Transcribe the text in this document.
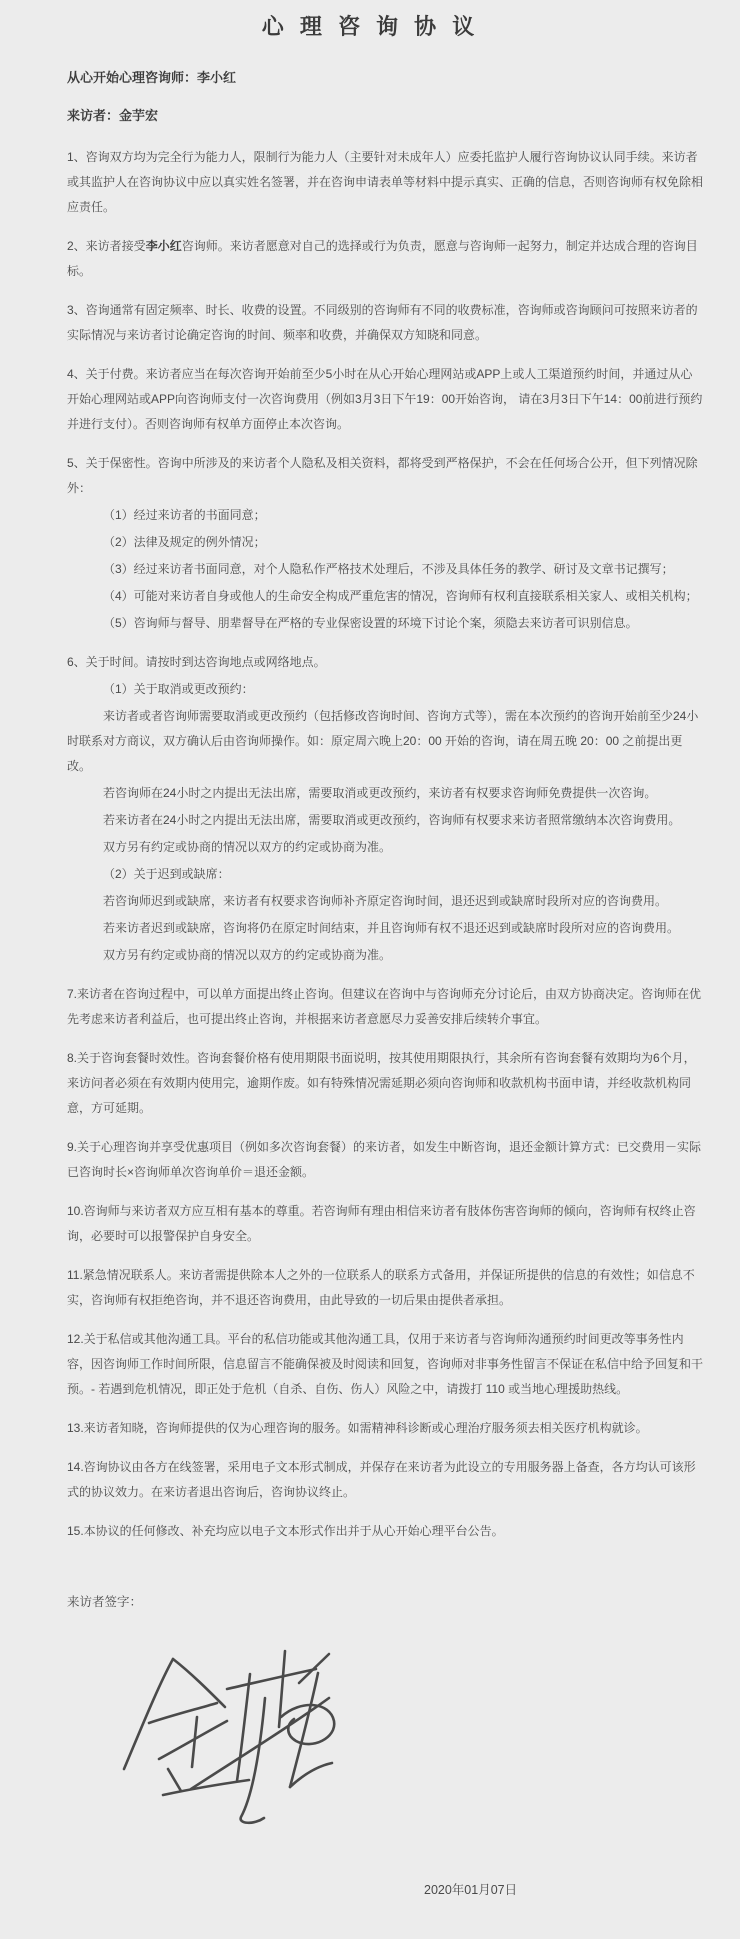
心 理 咨 询 协 议

从心开始心理咨询师：李小红

来访者：金芋宏

1、咨询双方均为完全行为能力人，限制行为能力人（主要针对未成年人）应委托监护人履行咨询协议认同手续。来访者或其监护人在咨询协议中应以真实姓名签署，并在咨询申请表单等材料中提示真实、正确的信息，否则咨询师有权免除相应责任。

2、来访者接受李小红咨询师。来访者愿意对自己的选择或行为负责，愿意与咨询师一起努力，制定并达成合理的咨询目标。

3、咨询通常有固定频率、时长、收费的设置。不同级别的咨询师有不同的收费标准，咨询师或咨询顾问可按照来访者的实际情况与来访者讨论确定咨询的时间、频率和收费，并确保双方知晓和同意。

4、关于付费。来访者应当在每次咨询开始前至少5小时在从心开始心理网站或APP上或人工渠道预约时间，并通过从心开始心理网站或APP向咨询师支付一次咨询费用（例如3月3日下午19：00开始咨询， 请在3月3日下午14：00前进行预约并进行支付）。否则咨询师有权单方面停止本次咨询。

5、关于保密性。咨询中所涉及的来访者个人隐私及相关资料，都将受到严格保护，不会在任何场合公开，但下列情况除外：

（1）经过来访者的书面同意；

（2）法律及规定的例外情况；

（3）经过来访者书面同意，对个人隐私作严格技术处理后，不涉及具体任务的教学、研讨及文章书记撰写；

（4）可能对来访者自身或他人的生命安全构成严重危害的情况，咨询师有权利直接联系相关家人、或相关机构；

（5）咨询师与督导、朋辈督导在严格的专业保密设置的环境下讨论个案，须隐去来访者可识别信息。

6、关于时间。请按时到达咨询地点或网络地点。

（1）关于取消或更改预约：

来访者或者咨询师需要取消或更改预约（包括修改咨询时间、咨询方式等），需在本次预约的咨询开始前至少24小时联系对方商议，双方确认后由咨询师操作。如：原定周六晚上20：00 开始的咨询，请在周五晚 20：00 之前提出更改。

若咨询师在24小时之内提出无法出席，需要取消或更改预约，来访者有权要求咨询师免费提供一次咨询。

若来访者在24小时之内提出无法出席，需要取消或更改预约，咨询师有权要求来访者照常缴纳本次咨询费用。

双方另有约定或协商的情况以双方的约定或协商为准。

（2）关于迟到或缺席：

若咨询师迟到或缺席，来访者有权要求咨询师补齐原定咨询时间，退还迟到或缺席时段所对应的咨询费用。

若来访者迟到或缺席，咨询将仍在原定时间结束，并且咨询师有权不退还迟到或缺席时段所对应的咨询费用。

双方另有约定或协商的情况以双方的约定或协商为准。

7.来访者在咨询过程中，可以单方面提出终止咨询。但建议在咨询中与咨询师充分讨论后，由双方协商决定。咨询师在优先考虑来访者利益后，也可提出终止咨询，并根据来访者意愿尽力妥善安排后续转介事宜。

8.关于咨询套餐时效性。咨询套餐价格有使用期限书面说明，按其使用期限执行，其余所有咨询套餐有效期均为6个月，来访问者必须在有效期内使用完，逾期作废。如有特殊情况需延期必须向咨询师和收款机构书面申请，并经收款机构同意，方可延期。

9.关于心理咨询并享受优惠项目（例如多次咨询套餐）的来访者，如发生中断咨询，退还金额计算方式：已交费用－实际已咨询时长×咨询师单次咨询单价＝退还金额。

10.咨询师与来访者双方应互相有基本的尊重。若咨询师有理由相信来访者有肢体伤害咨询师的倾向，咨询师有权终止咨询，必要时可以报警保护自身安全。

11.紧急情况联系人。来访者需提供除本人之外的一位联系人的联系方式备用，并保证所提供的信息的有效性；如信息不实，咨询师有权拒绝咨询，并不退还咨询费用，由此导致的一切后果由提供者承担。

12.关于私信或其他沟通工具。平台的私信功能或其他沟通工具，仅用于来访者与咨询师沟通预约时间更改等事务性内容，因咨询师工作时间所限，信息留言不能确保被及时阅读和回复，咨询师对非事务性留言不保证在私信中给予回复和干预。- 若遇到危机情况，即正处于危机（自杀、自伤、伤人）风险之中，请拨打 110 或当地心理援助热线。

13.来访者知晓，咨询师提供的仅为心理咨询的服务。如需精神科诊断或心理治疗服务须去相关医疗机构就诊。

14.咨询协议由各方在线签署，采用电子文本形式制成，并保存在来访者为此设立的专用服务器上备查，各方均认可该形式的协议效力。在来访者退出咨询后，咨询协议终止。

15.本协议的任何修改、补充均应以电子文本形式作出并于从心开始心理平台公告。

来访者签字：

2020年01月07日
